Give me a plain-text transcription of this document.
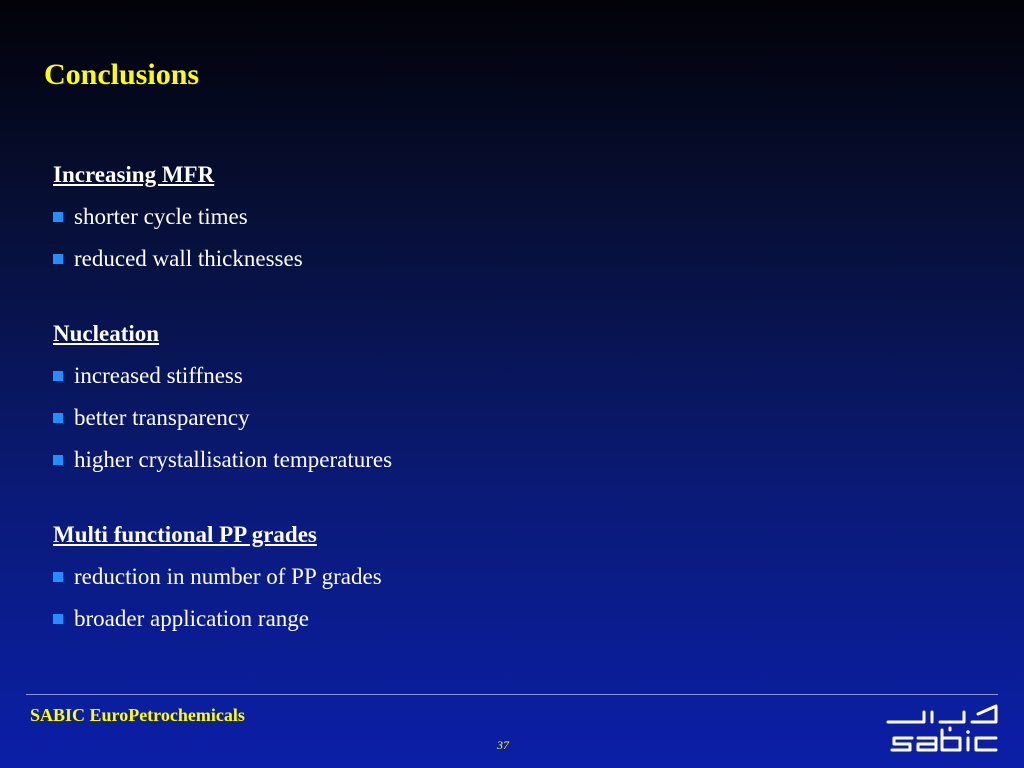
Conclusions
Increasing MFR
shorter cycle times
reduced wall thicknesses
Nucleation
increased stiffness
better transparency
higher crystallisation temperatures
Multi functional PP grades
reduction in number of PP grades
broader application range
SABIC EuroPetrochemicals
37
